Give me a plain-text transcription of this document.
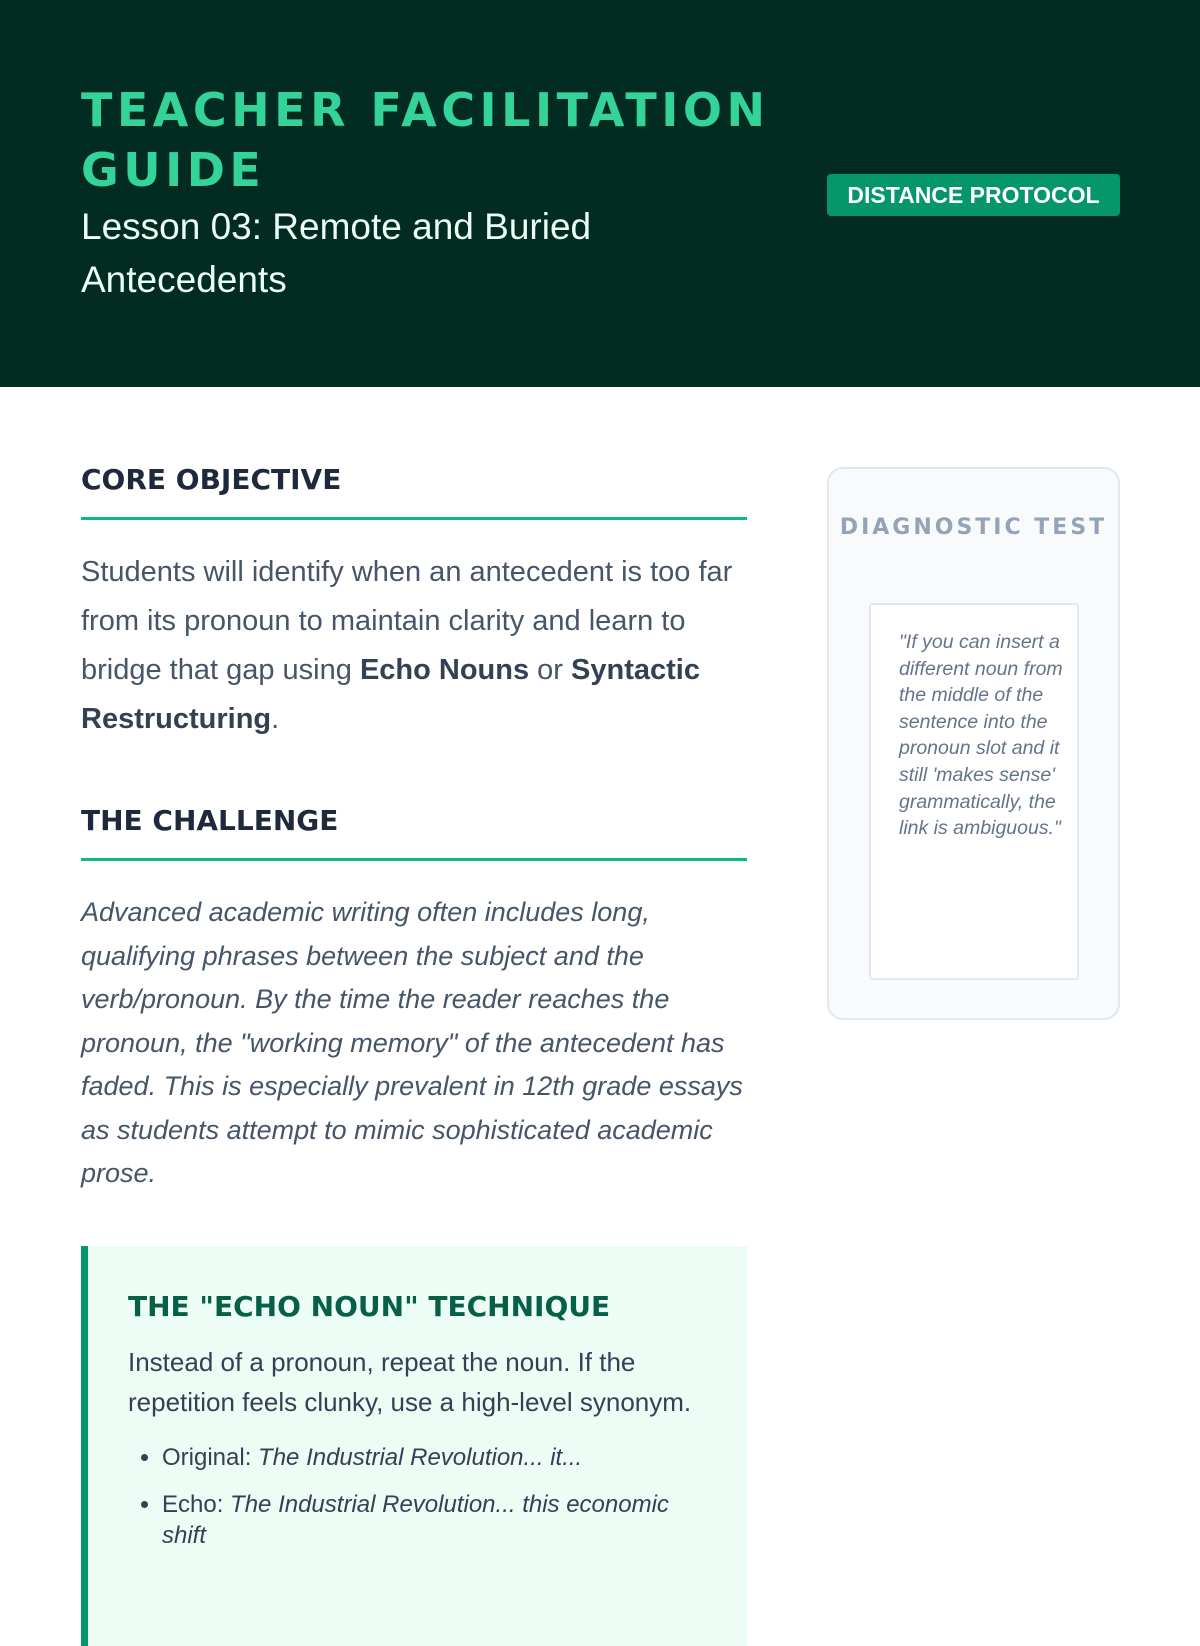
TEACHER FACILITATION GUIDE
Lesson 03: Remote and Buried Antecedents
DISTANCE PROTOCOL
CORE OBJECTIVE

Students will identify when an antecedent is too far from its pronoun to maintain clarity and learn to bridge that gap using Echo Nouns or Syntactic Restructuring.

THE CHALLENGE

Advanced academic writing often includes long, qualifying phrases between the subject and the verb/pronoun. By the time the reader reaches the pronoun, the "working memory" of the antecedent has faded. This is especially prevalent in 12th grade essays as students attempt to mimic sophisticated academic prose.

THE "ECHO NOUN" TECHNIQUE

Instead of a pronoun, repeat the noun. If the repetition feels clunky, use a high-level synonym.

• Original: The Industrial Revolution... it...
• Echo: The Industrial Revolution... this economic shift
DIAGNOSTIC TEST

"If you can insert a different noun from the middle of the sentence into the pronoun slot and it still 'makes sense' grammatically, the link is ambiguous."
